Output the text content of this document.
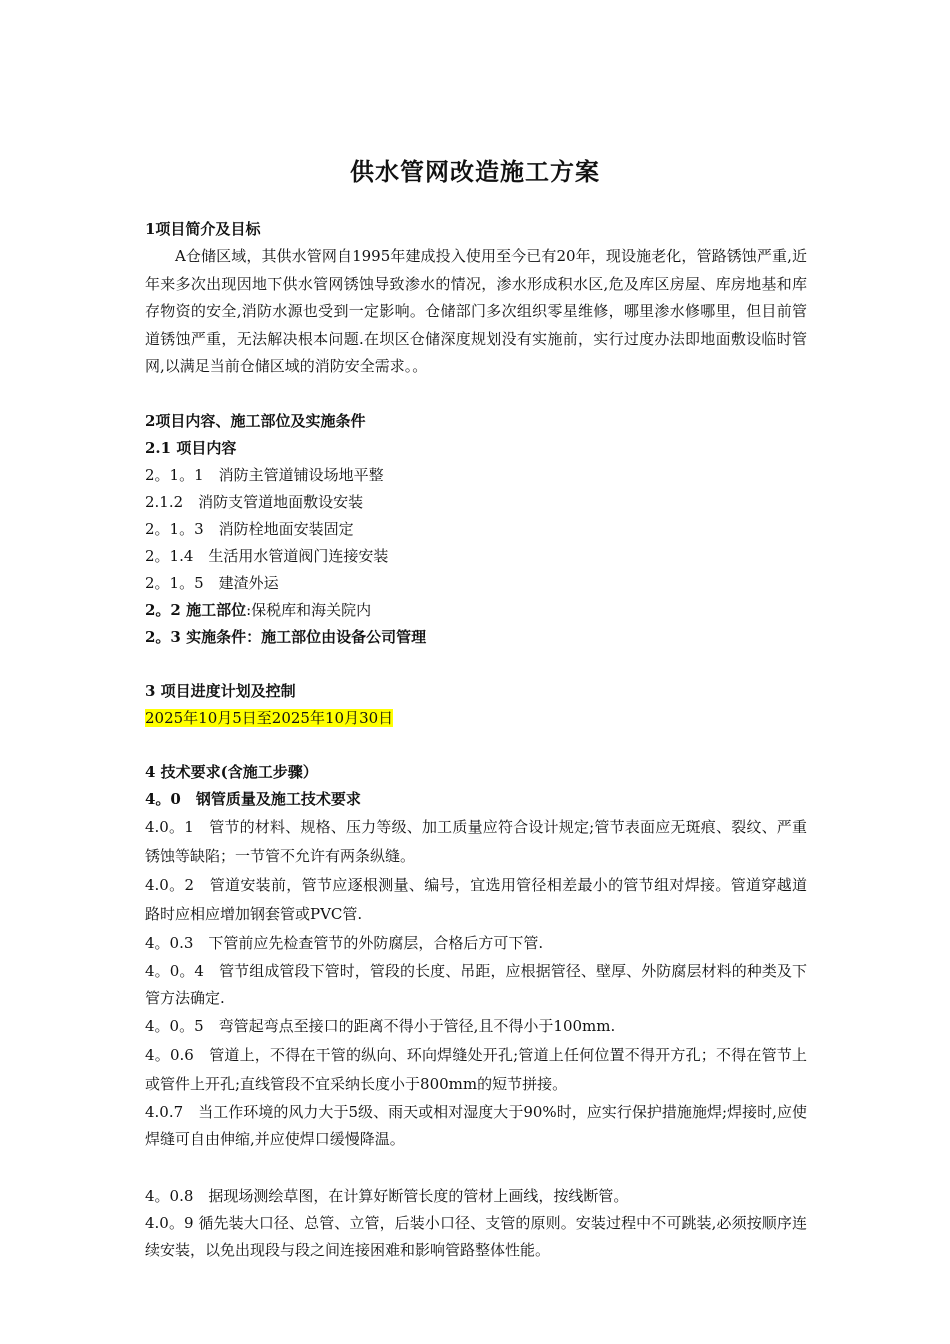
供水管网改造施工方案
1项目简介及目标
A仓储区域，其供水管网自1995年建成投入使用至今已有20年，现设施老化，管路锈蚀严重,近年来多次出现因地下供水管网锈蚀导致渗水的情况，渗水形成积水区,危及库区房屋、库房地基和库存物资的安全,消防水源也受到一定影响。仓储部门多次组织零星维修，哪里渗水修哪里，但目前管道锈蚀严重，无法解决根本问题.在坝区仓储深度规划没有实施前，实行过度办法即地面敷设临时管网,以满足当前仓储区域的消防安全需求。。
2项目内容、施工部位及实施条件
2.1 项目内容
2。1。1　消防主管道铺设场地平整
2.1.2　消防支管道地面敷设安装
2。1。3　消防栓地面安装固定
2。1.4　生活用水管道阀门连接安装
2。1。5　建渣外运
2。2 施工部位:保税库和海关院内
2。3 实施条件：施工部位由设备公司管理
3 项目进度计划及控制
2025年10月5日至2025年10月30日
4 技术要求(含施工步骤）
4。0　钢管质量及施工技术要求
4.0。1　管节的材料、规格、压力等级、加工质量应符合设计规定;管节表面应无斑痕、裂纹、严重锈蚀等缺陷；一节管不允许有两条纵缝。
4.0。2　管道安装前，管节应逐根测量、编号，宜选用管径相差最小的管节组对焊接。管道穿越道路时应相应增加钢套管或PVC管.
4。0.3　下管前应先检查管节的外防腐层，合格后方可下管.
4。0。4　管节组成管段下管时，管段的长度、吊距，应根据管径、壁厚、外防腐层材料的种类及下管方法确定.
4。0。5　弯管起弯点至接口的距离不得小于管径,且不得小于100mm.
4。0.6　管道上，不得在干管的纵向、环向焊缝处开孔;管道上任何位置不得开方孔；不得在管节上或管件上开孔;直线管段不宜采纳长度小于800mm的短节拼接。
4.0.7　当工作环境的风力大于5级、雨天或相对湿度大于90%时，应实行保护措施施焊;焊接时,应使焊缝可自由伸缩,并应使焊口缓慢降温。
4。0.8　据现场测绘草图，在计算好断管长度的管材上画线，按线断管。
4.0。9 循先装大口径、总管、立管，后装小口径、支管的原则。安装过程中不可跳装,必须按顺序连续安装，以免出现段与段之间连接困难和影响管路整体性能。
